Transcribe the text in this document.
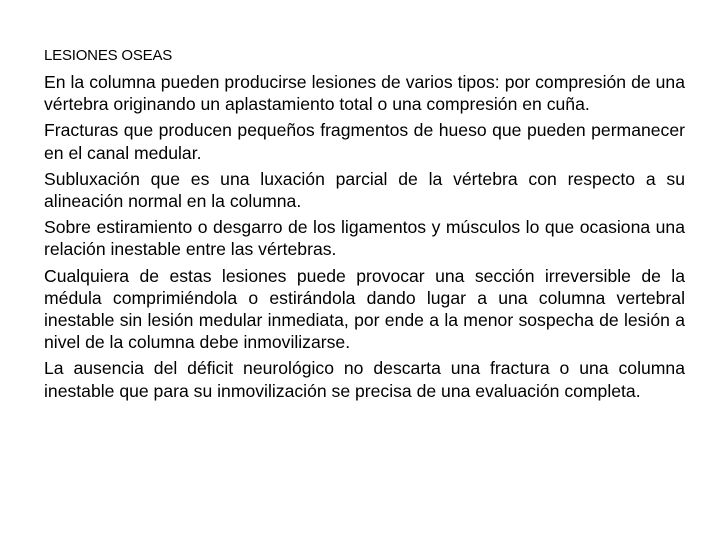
LESIONES OSEAS

En la columna pueden producirse lesiones de varios tipos: por compresión de una vértebra originando un aplastamiento total o una compresión en cuña.

Fracturas que producen pequeños fragmentos de hueso que pueden permanecer en el canal medular.

Subluxación que es una luxación parcial de la vértebra con respecto a su alineación normal en la columna.

Sobre estiramiento o desgarro de los ligamentos y músculos lo que ocasiona una relación inestable entre las vértebras.

Cualquiera de estas lesiones puede provocar una sección irreversible de la médula comprimiéndola o estirándola dando lugar a una columna vertebral inestable sin lesión medular inmediata, por ende a la menor sospecha de lesión a nivel de la columna debe inmovilizarse.

La ausencia del déficit neurológico no descarta una fractura o una columna inestable que para su inmovilización se precisa de una evaluación completa.
